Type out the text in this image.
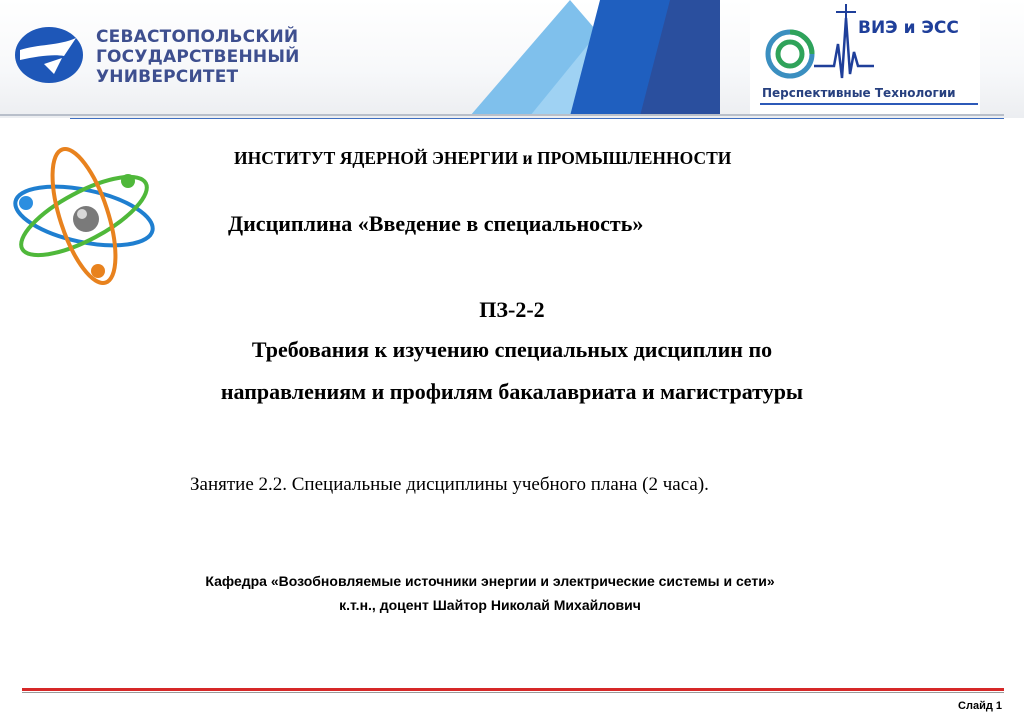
СЕВАСТОПОЛЬСКИЙ
ГОСУДАРСТВЕННЫЙ
УНИВЕРСИТЕТ
ВИЭ и ЭСС
Перспективные Технологии
ИНСТИТУТ ЯДЕРНОЙ ЭНЕРГИИ и ПРОМЫШЛЕННОСТИ
Дисциплина «Введение в специальность»
ПЗ-2-2
Требования к изучению специальных дисциплин по
направлениям и профилям бакалавриата и магистратуры
Занятие 2.2. Специальные дисциплины учебного плана (2 часа).
Кафедра «Возобновляемые источники энергии и электрические системы и сети»
к.т.н., доцент Шайтор Николай Михайлович
Слайд 1
